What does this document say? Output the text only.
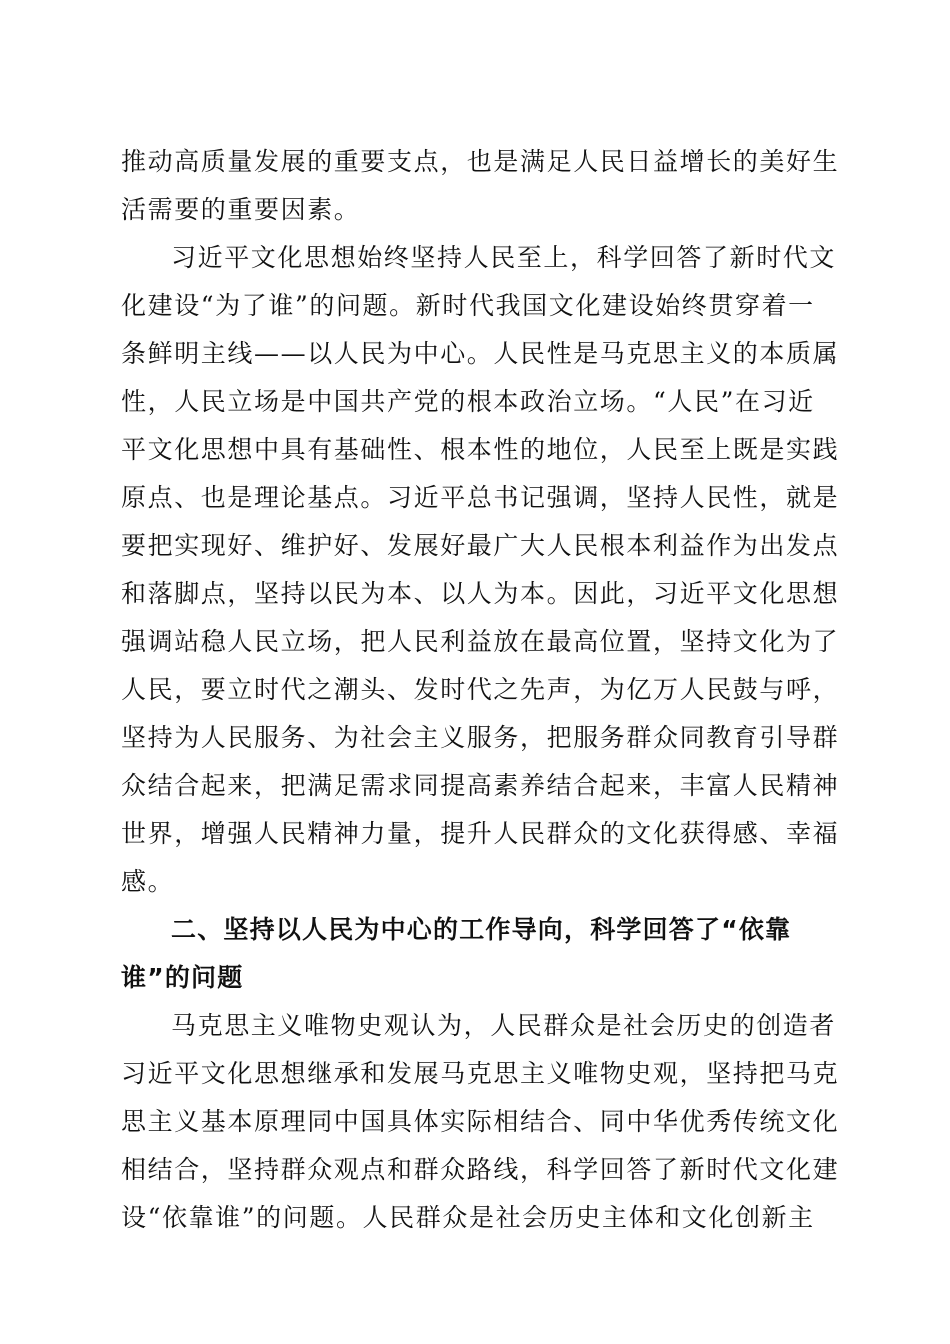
推动高质量发展的重要支点，也是满足人民日益增长的美好生
活需要的重要因素。
习近平文化思想始终坚持人民至上，科学回答了新时代文
化建设“为了谁”的问题。新时代我国文化建设始终贯穿着一
条鲜明主线——以人民为中心。人民性是马克思主义的本质属
性，人民立场是中国共产党的根本政治立场。“人民”在习近
平文化思想中具有基础性、根本性的地位，人民至上既是实践
原点、也是理论基点。习近平总书记强调，坚持人民性，就是
要把实现好、维护好、发展好最广大人民根本利益作为出发点
和落脚点，坚持以民为本、以人为本。因此，习近平文化思想
强调站稳人民立场，把人民利益放在最高位置，坚持文化为了
人民，要立时代之潮头、发时代之先声，为亿万人民鼓与呼，
坚持为人民服务、为社会主义服务，把服务群众同教育引导群
众结合起来，把满足需求同提高素养结合起来，丰富人民精神
世界，增强人民精神力量，提升人民群众的文化获得感、幸福
感。
二、坚持以人民为中心的工作导向，科学回答了“依靠
谁”的问题
马克思主义唯物史观认为，人民群众是社会历史的创造者
习近平文化思想继承和发展马克思主义唯物史观，坚持把马克
思主义基本原理同中国具体实际相结合、同中华优秀传统文化
相结合，坚持群众观点和群众路线，科学回答了新时代文化建
设“依靠谁”的问题。人民群众是社会历史主体和文化创新主
